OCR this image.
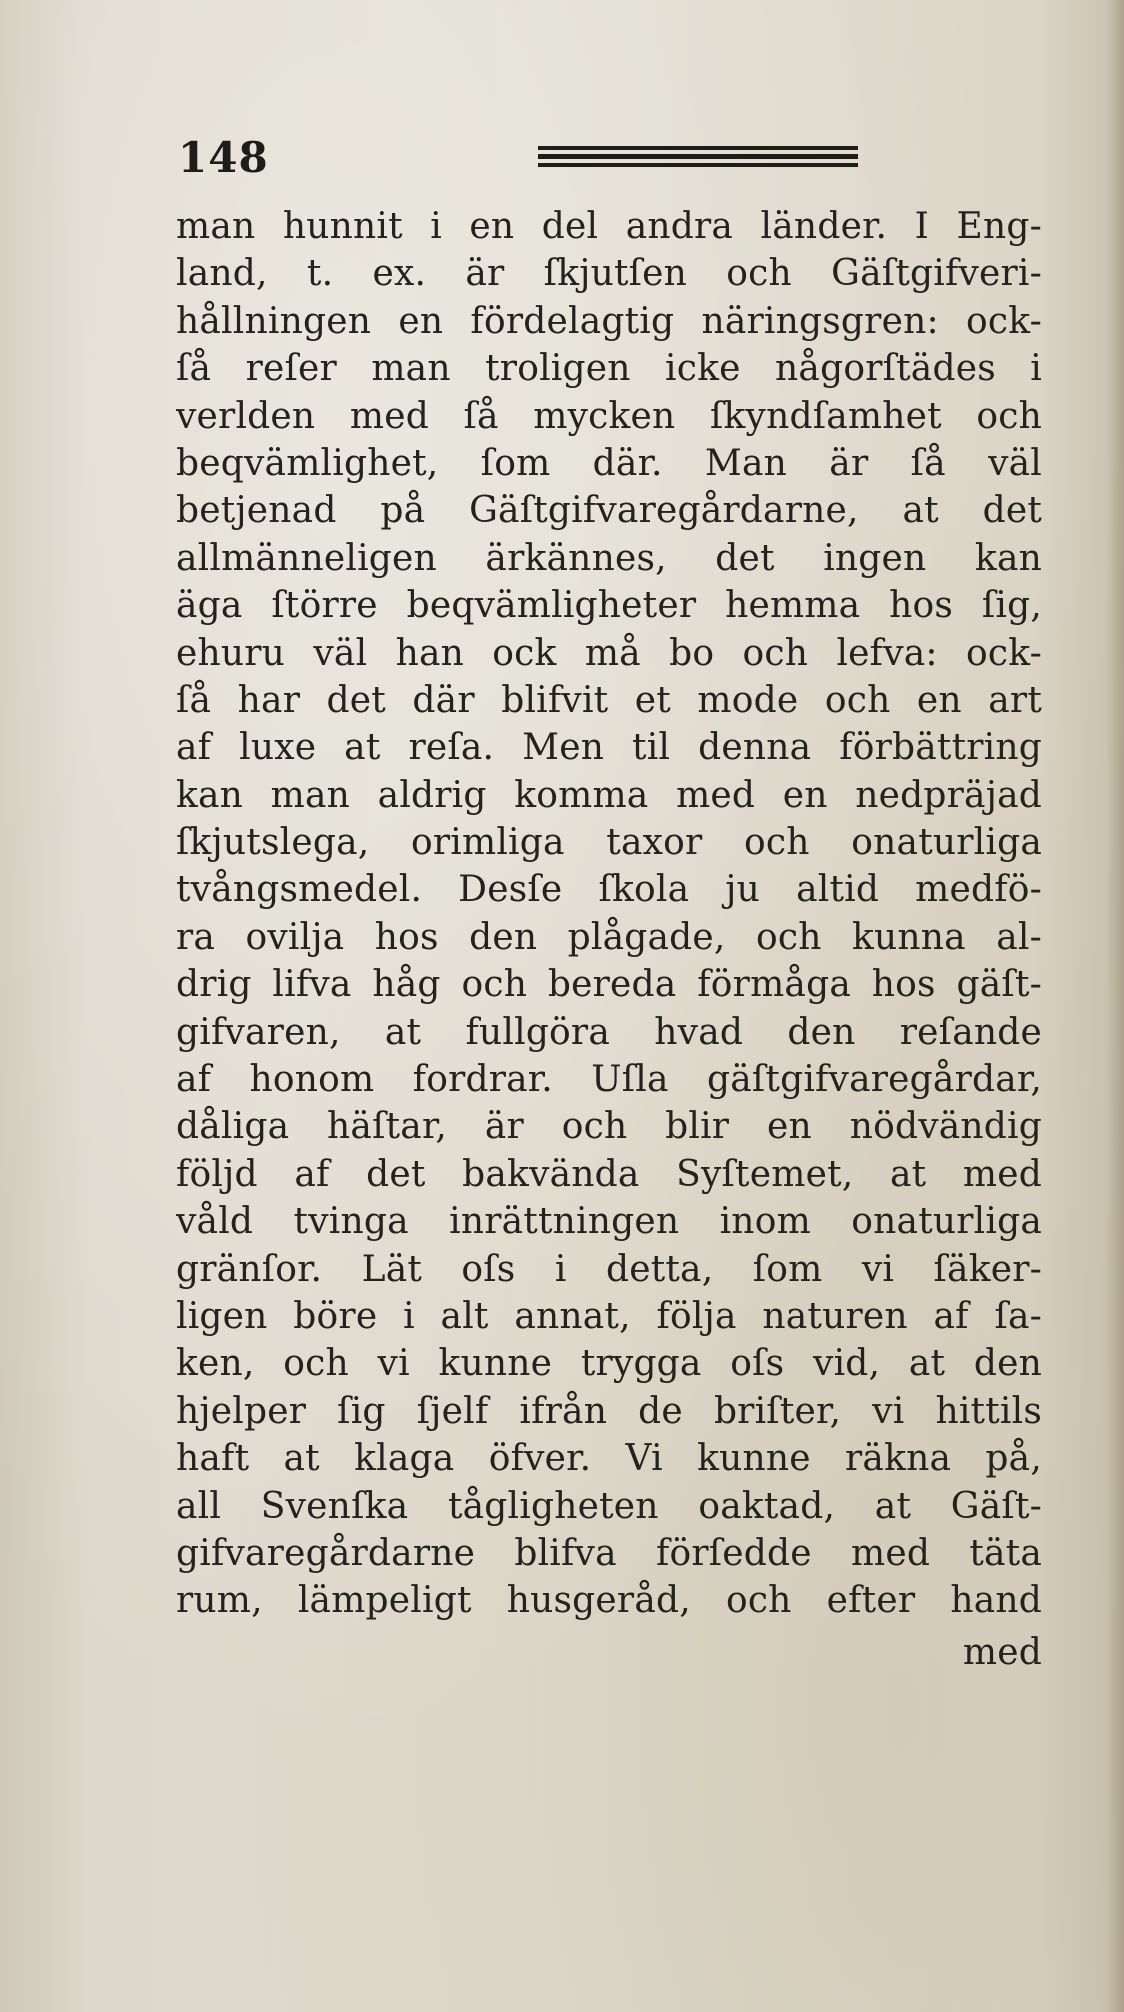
148
man hunnit i en del andra länder. I Eng-
land, t. ex. är ſkjutſen och Gäſtgifveri-
hållningen en fördelagtig näringsgren: ock-
ſå reſer man troligen icke någorſtädes i
verlden med ſå mycken ſkyndſamhet och
beqvämlighet, ſom där. Man är ſå väl
betjenad på Gäſtgifvaregårdarne, at det
allmänneligen ärkännes, det ingen kan
äga ſtörre beqvämligheter hemma hos ſig,
ehuru väl han ock må bo och lefva: ock-
ſå har det där blifvit et mode och en art
af luxe at reſa. Men til denna förbättring
kan man aldrig komma med en nedpräjad
ſkjutslega, orimliga taxor och onaturliga
tvångsmedel. Desſe ſkola ju altid medfö-
ra ovilja hos den plågade, och kunna al-
drig lifva håg och bereda förmåga hos gäſt-
gifvaren, at fullgöra hvad den reſande
af honom fordrar. Uſla gäſtgifvaregårdar,
dåliga häſtar, är och blir en nödvändig
följd af det bakvända Syſtemet, at med
våld tvinga inrättningen inom onaturliga
gränſor. Lät oſs i detta, ſom vi ſäker-
ligen böre i alt annat, följa naturen af ſa-
ken, och vi kunne trygga oſs vid, at den
hjelper ſig ſjelf ifrån de briſter, vi hittils
haft at klaga öfver. Vi kunne räkna på,
all Svenſka tågligheten oaktad, at Gäſt-
gifvaregårdarne blifva förſedde med täta
rum, lämpeligt husgeråd, och efter hand
med
